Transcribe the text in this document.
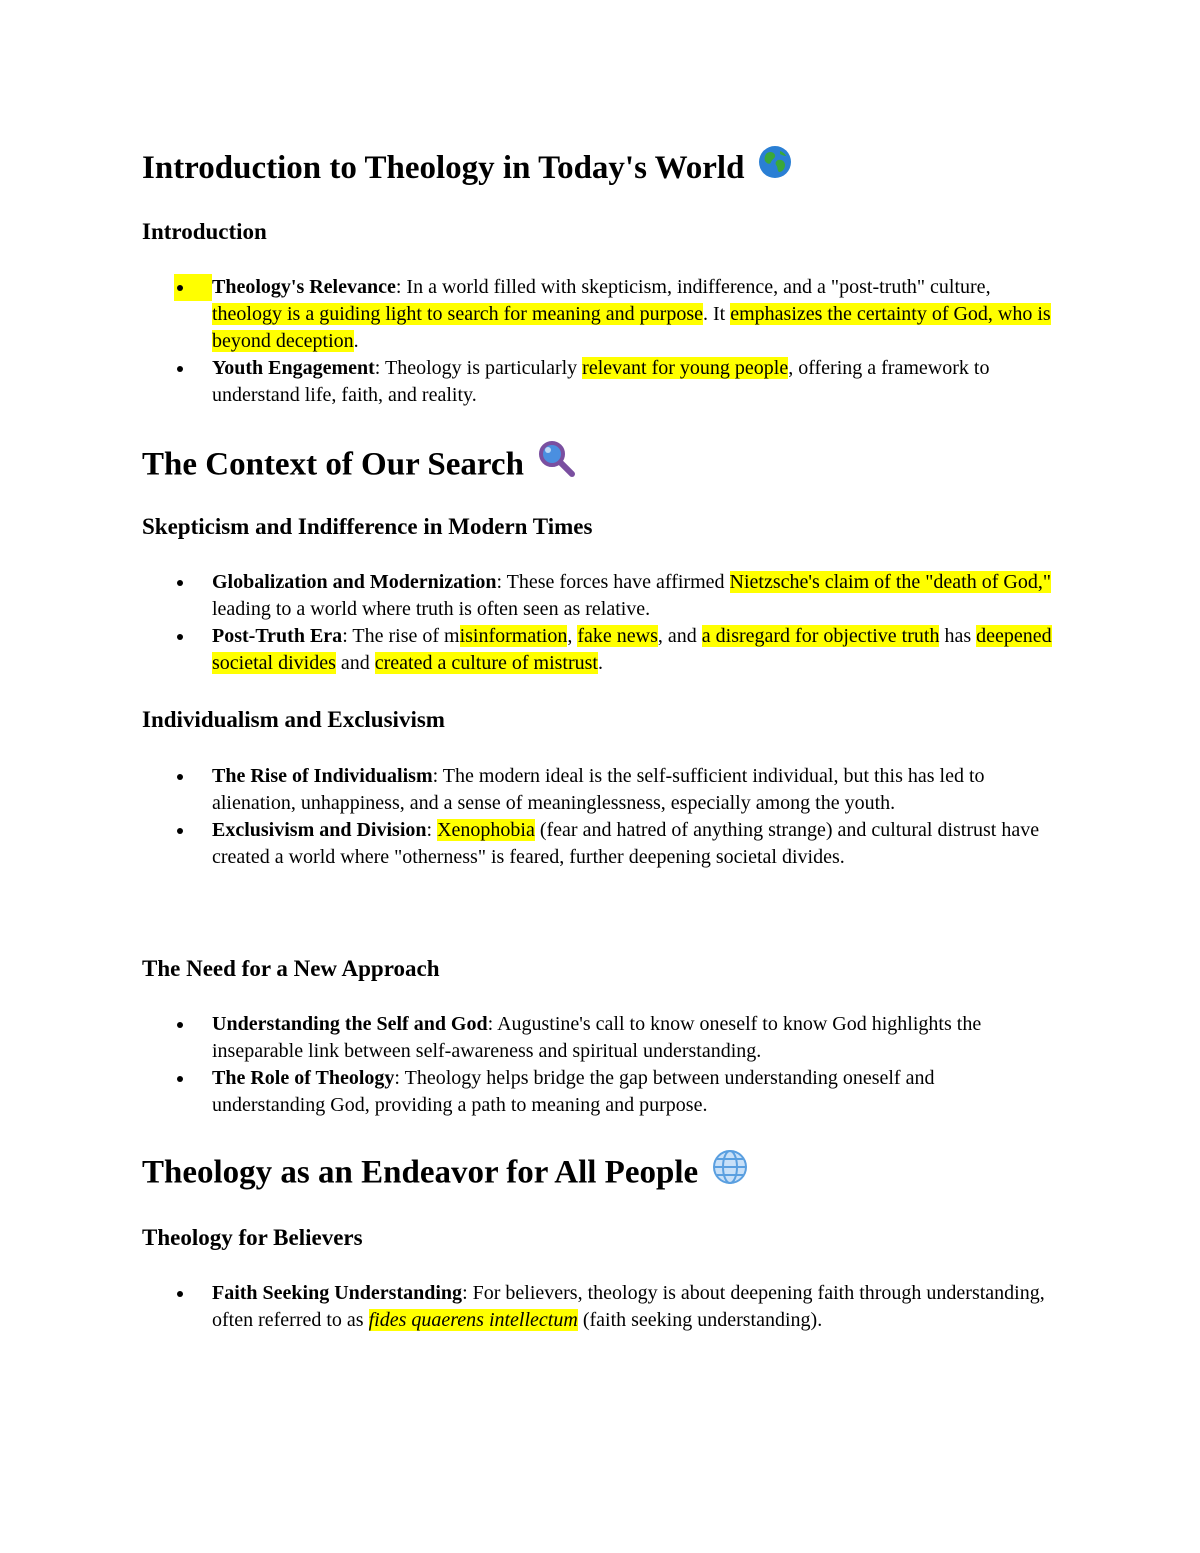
Introduction to Theology in Today's World
Introduction
Theology's Relevance: In a world filled with skepticism, indifference, and a "post-truth" culture, theology is a guiding light to search for meaning and purpose. It emphasizes the certainty of God, who is beyond deception.
Youth Engagement: Theology is particularly relevant for young people, offering a framework to understand life, faith, and reality.
The Context of Our Search
Skepticism and Indifference in Modern Times
Globalization and Modernization: These forces have affirmed Nietzsche's claim of the "death of God," leading to a world where truth is often seen as relative.
Post-Truth Era: The rise of misinformation, fake news, and a disregard for objective truth has deepened societal divides and created a culture of mistrust.
Individualism and Exclusivism
The Rise of Individualism: The modern ideal is the self-sufficient individual, but this has led to alienation, unhappiness, and a sense of meaninglessness, especially among the youth.
Exclusivism and Division: Xenophobia (fear and hatred of anything strange) and cultural distrust have created a world where "otherness" is feared, further deepening societal divides.
The Need for a New Approach
Understanding the Self and God: Augustine's call to know oneself to know God highlights the inseparable link between self-awareness and spiritual understanding.
The Role of Theology: Theology helps bridge the gap between understanding oneself and understanding God, providing a path to meaning and purpose.
Theology as an Endeavor for All People
Theology for Believers
Faith Seeking Understanding: For believers, theology is about deepening faith through understanding, often referred to as fides quaerens intellectum (faith seeking understanding).
